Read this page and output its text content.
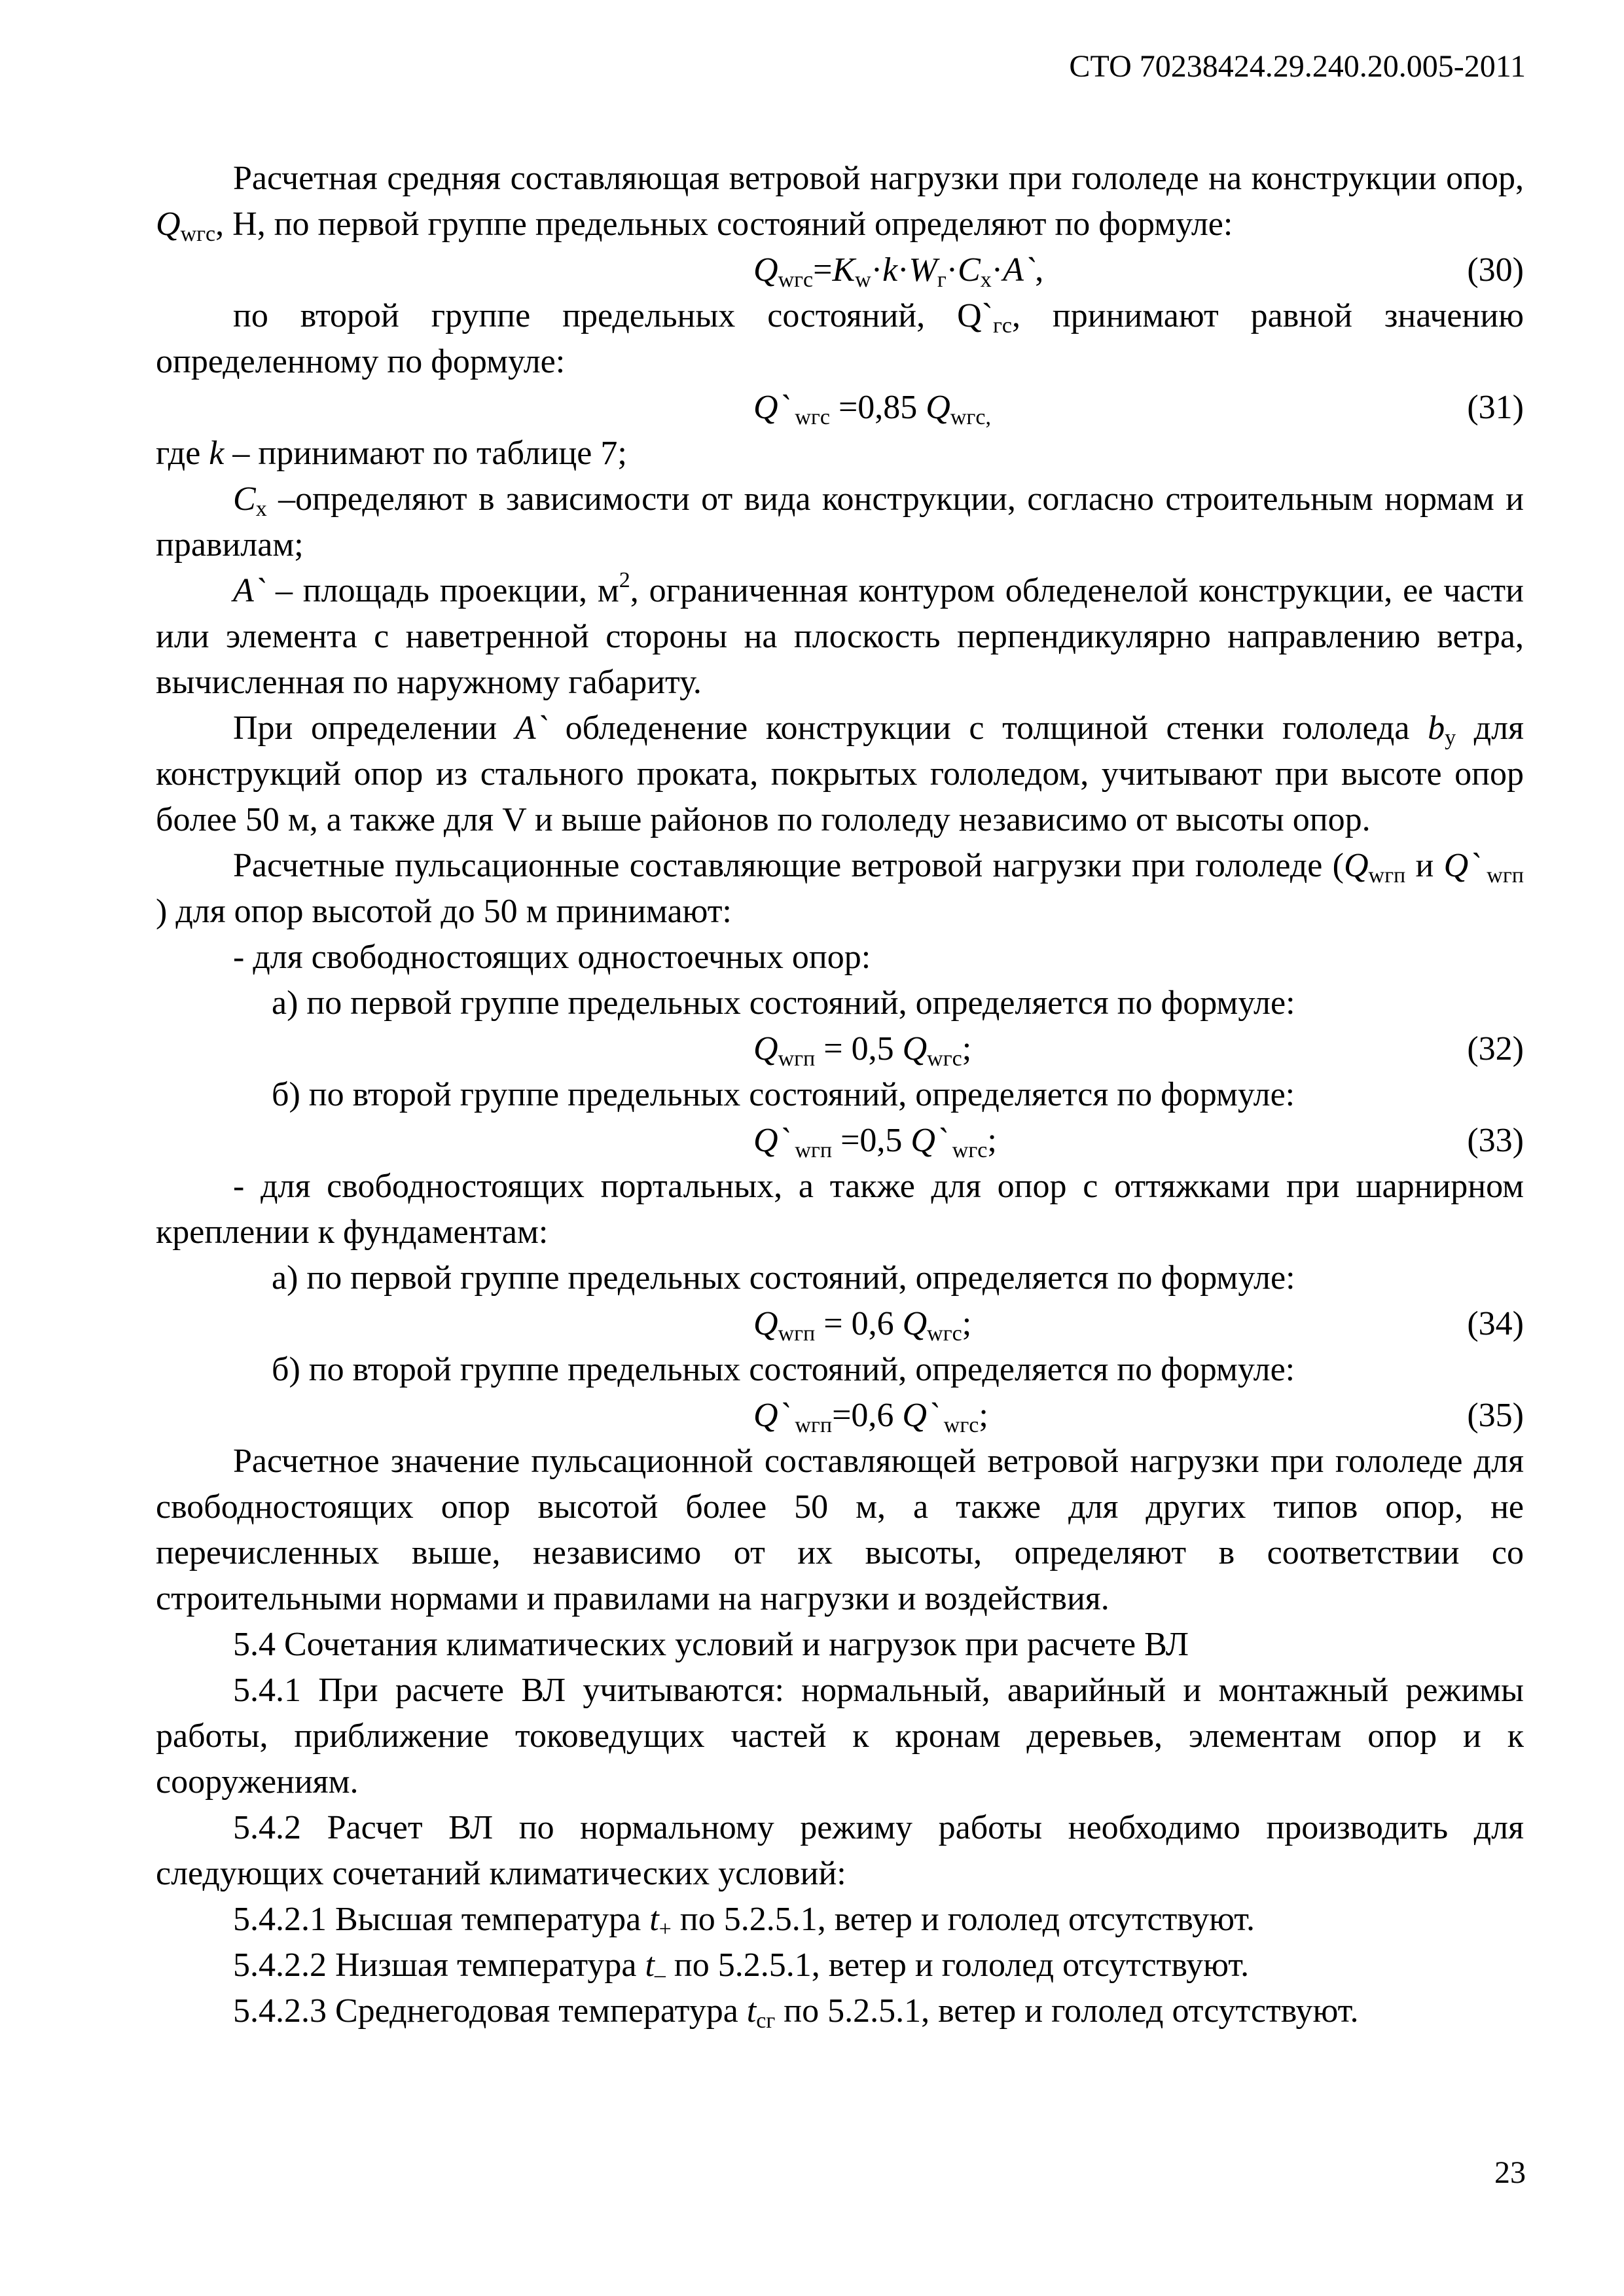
СТО 70238424.29.240.20.005-2011

Расчетная средняя составляющая ветровой нагрузки при гололеде на конструкции опор, $Q_{wгc}$, Н, по первой группе предельных состояний определяют по формуле:

$Q_{wгc}=K_w\cdot k\cdot W_г\cdot C_x\cdot A`$,	(30)

по второй группе предельных состояний, $Q`_{гс}$, принимают равной значению определенному по формуле:

Q` $_{wгc}$ =0,85 $Q_{wгc,}$	(31)

где k – принимают по таблице 7;

$C_x$ –определяют в зависимости от вида конструкции, согласно строительным нормам и правилам;

A` – площадь проекции, $м^2$, ограниченная контуром обледенелой конструкции, ее части или элемента с наветренной стороны на плоскость перпендикулярно направлению ветра, вычисленная по наружному габариту.

При определении A` обледенение конструкции с толщиной стенки гололеда $b_y$ для конструкций опор из стального проката, покрытых гололедом, учитывают при высоте опор более 50 м, а также для V и выше районов по гололеду независимо от высоты опор.

Расчетные пульсационные составляющие ветровой нагрузки при гололеде ($Q_{wгп}$ и Q` $_{wгп}$ ) для опор высотой до 50 м принимают:

- для свободностоящих одностоечных опор:

а) по первой группе предельных состояний, определяется по формуле:

$Q_{wгп} = 0,5$ $Q_{wгc}$;	(32)

б) по второй группе предельных состояний, определяется по формуле:

Q` $_{wгп}$ =0,5 Q` $_{wгc}$;	(33)

- для свободностоящих портальных, а также для опор с оттяжками при шарнирном креплении к фундаментам:

а) по первой группе предельных состояний, определяется по формуле:

$Q_{wгп} = 0,6$ $Q_{wгc}$;	(34)

б) по второй группе предельных состояний, определяется по формуле:

Q` $_{wгп}$=0,6 Q` $_{wгc}$;	(35)

Расчетное значение пульсационной составляющей ветровой нагрузки при гололеде для свободностоящих опор высотой более 50 м, а также для других типов опор, не перечисленных выше, независимо от их высоты, определяют в соответствии со строительными нормами и правилами на нагрузки и воздействия.

5.4 Сочетания климатических условий и нагрузок при расчете ВЛ

5.4.1 При расчете ВЛ учитываются: нормальный, аварийный и монтажный режимы работы, приближение токоведущих частей к кронам деревьев, элементам опор и к сооружениям.

5.4.2 Расчет ВЛ по нормальному режиму работы необходимо производить для следующих сочетаний климатических условий:

5.4.2.1 Высшая температура $t_+$ по 5.2.5.1, ветер и гололед отсутствуют.

5.4.2.2 Низшая температура $t_-$ по 5.2.5.1, ветер и гололед отсутствуют.

5.4.2.3 Среднегодовая температура $t_{сг}$ по 5.2.5.1, ветер и гололед отсутствуют.

23
